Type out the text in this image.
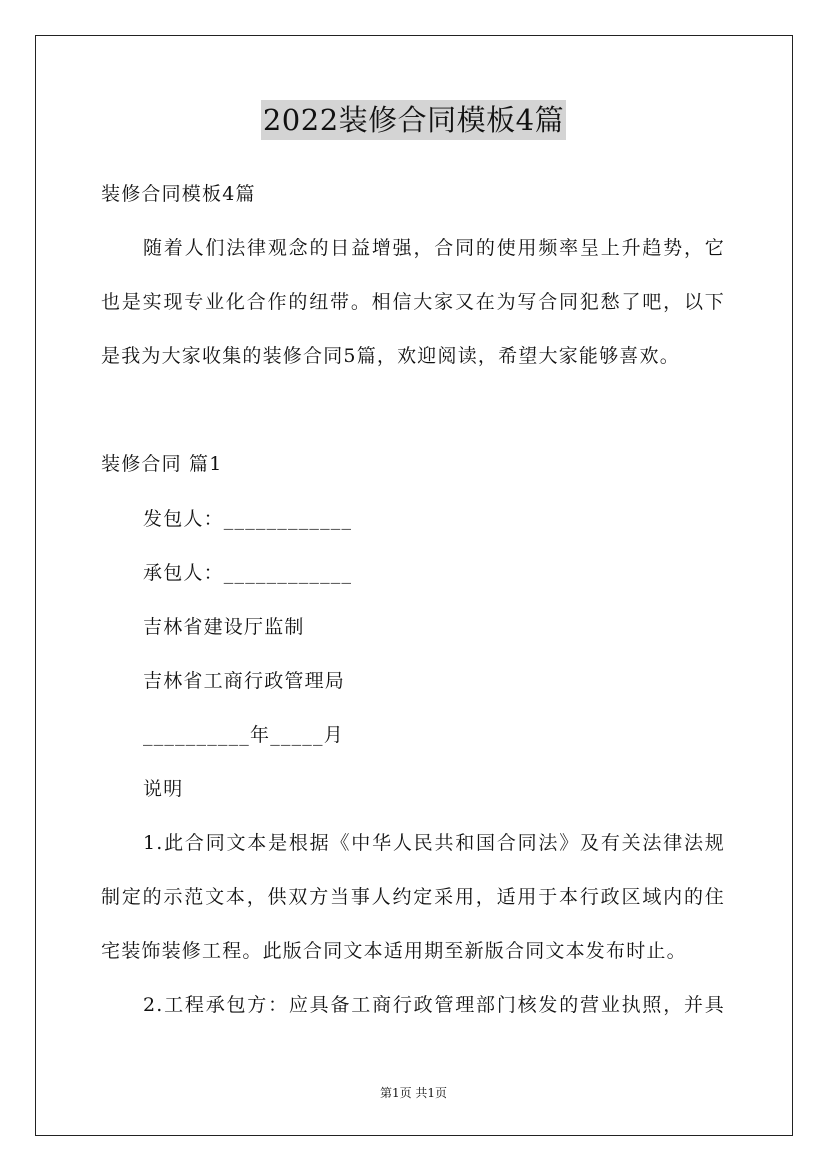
2022装修合同模板4篇
装修合同模板4篇
随着人们法律观念的日益增强，合同的使用频率呈上升趋势，它
也是实现专业化合作的纽带。相信大家又在为写合同犯愁了吧，以下
是我为大家收集的装修合同5篇，欢迎阅读，希望大家能够喜欢。
装修合同 篇1
发包人：____________
承包人：____________
吉林省建设厅监制
吉林省工商行政管理局
__________年_____月
说明
1.此合同文本是根据《中华人民共和国合同法》及有关法律法规
制定的示范文本，供双方当事人约定采用，适用于本行政区域内的住
宅装饰装修工程。此版合同文本适用期至新版合同文本发布时止。
2.工程承包方：应具备工商行政管理部门核发的营业执照，并具
第1页 共1页
